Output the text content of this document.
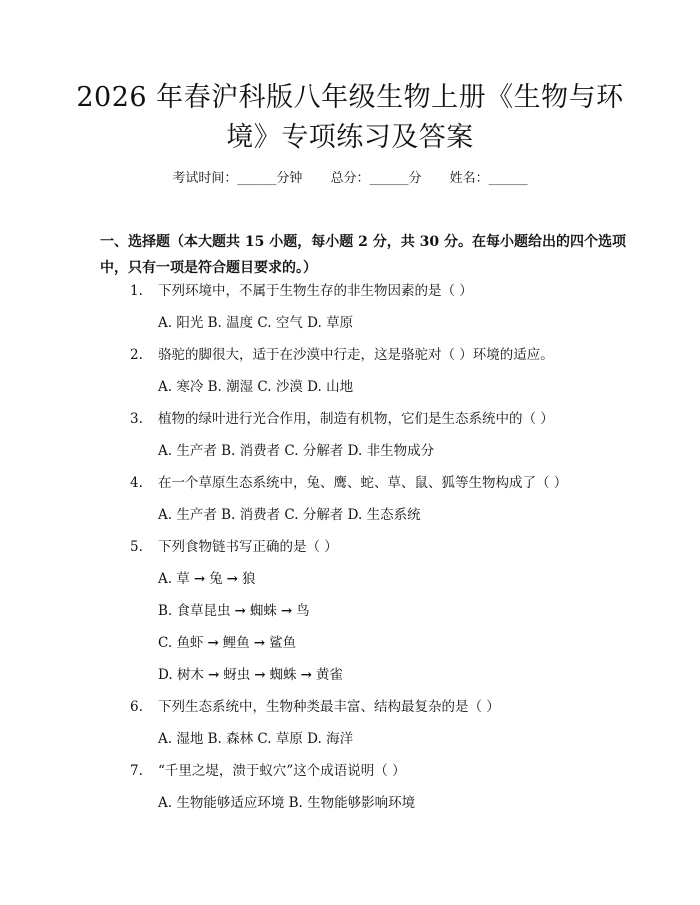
2026 年春沪科版八年级生物上册《生物与环
境》专项练习及答案
考试时间：______分钟 总分：______分 姓名：______
一、选择题（本大题共 15 小题，每小题 2 分，共 30 分。在每小题给出的四个选项中，只有一项是符合题目要求的。）
1. 下列环境中，不属于生物生存的非生物因素的是（ ）
A. 阳光 B. 温度 C. 空气 D. 草原
2. 骆驼的脚很大，适于在沙漠中行走，这是骆驼对（ ）环境的适应。
A. 寒冷 B. 潮湿 C. 沙漠 D. 山地
3. 植物的绿叶进行光合作用，制造有机物，它们是生态系统中的（ ）
A. 生产者 B. 消费者 C. 分解者 D. 非生物成分
4. 在一个草原生态系统中，兔、鹰、蛇、草、鼠、狐等生物构成了（ ）
A. 生产者 B. 消费者 C. 分解者 D. 生态系统
5. 下列食物链书写正确的是（ ）
A. 草 → 兔 → 狼
B. 食草昆虫 → 蜘蛛 → 鸟
C. 鱼虾 → 鲤鱼 → 鲨鱼
D. 树木 → 蚜虫 → 蜘蛛 → 黄雀
6. 下列生态系统中，生物种类最丰富、结构最复杂的是（ ）
A. 湿地 B. 森林 C. 草原 D. 海洋
7. “千里之堤，溃于蚁穴”这个成语说明（ ）
A. 生物能够适应环境 B. 生物能够影响环境
